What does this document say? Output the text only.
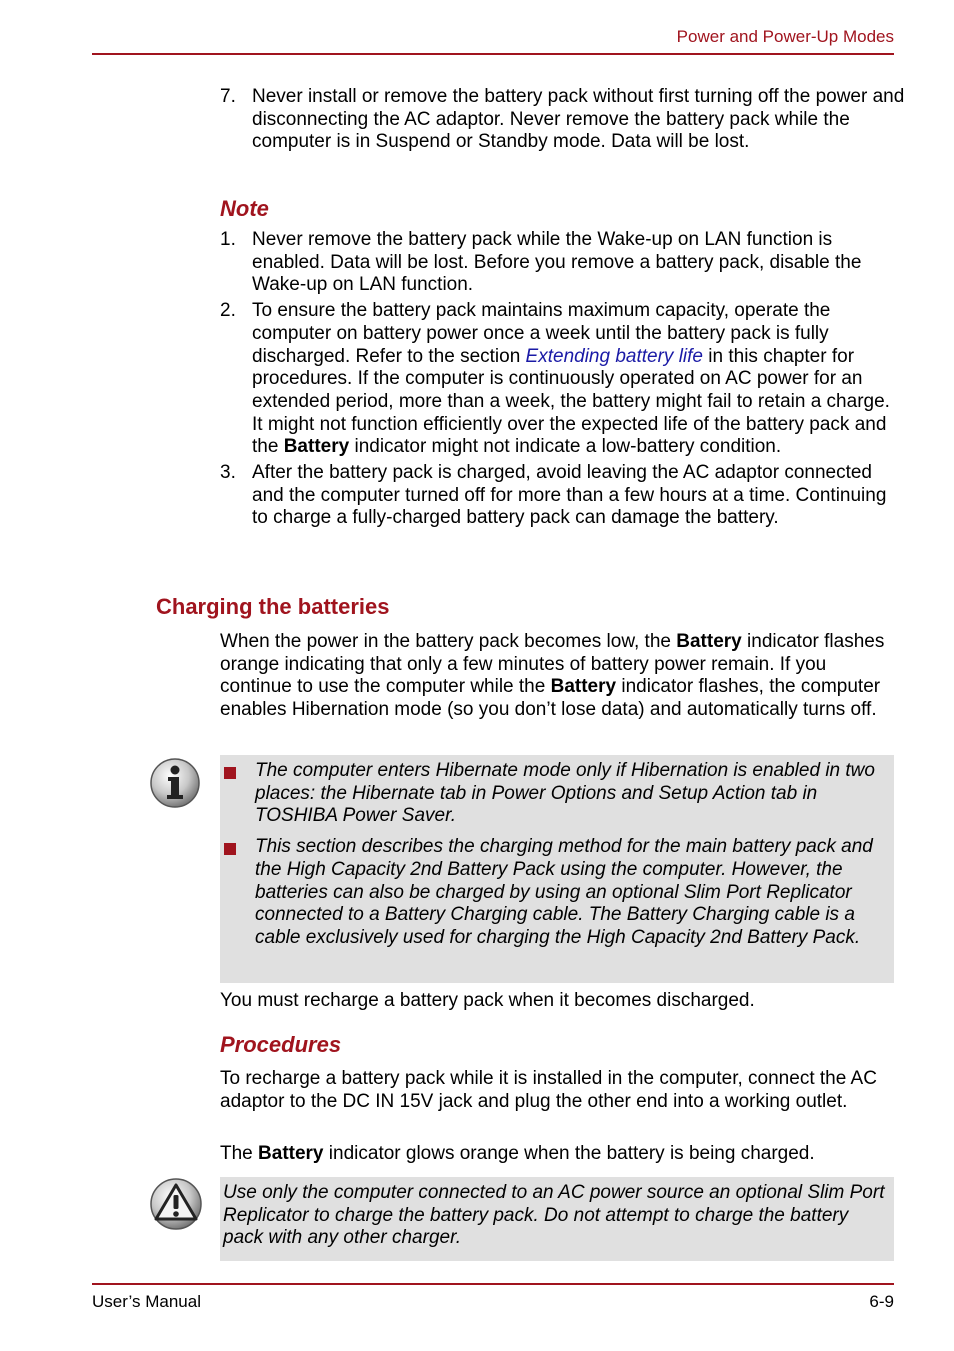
Power and Power-Up Modes
7. Never install or remove the battery pack without first turning off the power and disconnecting the AC adaptor. Never remove the battery pack while the computer is in Suspend or Standby mode. Data will be lost.
Note
1. Never remove the battery pack while the Wake-up on LAN function is enabled. Data will be lost. Before you remove a battery pack, disable the Wake-up on LAN function.
2. To ensure the battery pack maintains maximum capacity, operate the computer on battery power once a week until the battery pack is fully discharged. Refer to the section Extending battery life in this chapter for procedures. If the computer is continuously operated on AC power for an extended period, more than a week, the battery might fail to retain a charge. It might not function efficiently over the expected life of the battery pack and the Battery indicator might not indicate a low-battery condition.
3. After the battery pack is charged, avoid leaving the AC adaptor connected and the computer turned off for more than a few hours at a time. Continuing to charge a fully-charged battery pack can damage the battery.
Charging the batteries

When the power in the battery pack becomes low, the Battery indicator flashes orange indicating that only a few minutes of battery power remain. If you continue to use the computer while the Battery indicator flashes, the computer enables Hibernation mode (so you don’t lose data) and automatically turns off.

The computer enters Hibernate mode only if Hibernation is enabled in two places: the Hibernate tab in Power Options and Setup Action tab in TOSHIBA Power Saver.
This section describes the charging method for the main battery pack and the High Capacity 2nd Battery Pack using the computer. However, the batteries can also be charged by using an optional Slim Port Replicator connected to a Battery Charging cable. The Battery Charging cable is a cable exclusively used for charging the High Capacity 2nd Battery Pack.

You must recharge a battery pack when it becomes discharged.

Procedures

To recharge a battery pack while it is installed in the computer, connect the AC adaptor to the DC IN 15V jack and plug the other end into a working outlet.

The Battery indicator glows orange when the battery is being charged.

Use only the computer connected to an AC power source an optional Slim Port Replicator to charge the battery pack. Do not attempt to charge the battery pack with any other charger.

User’s Manual	6-9
